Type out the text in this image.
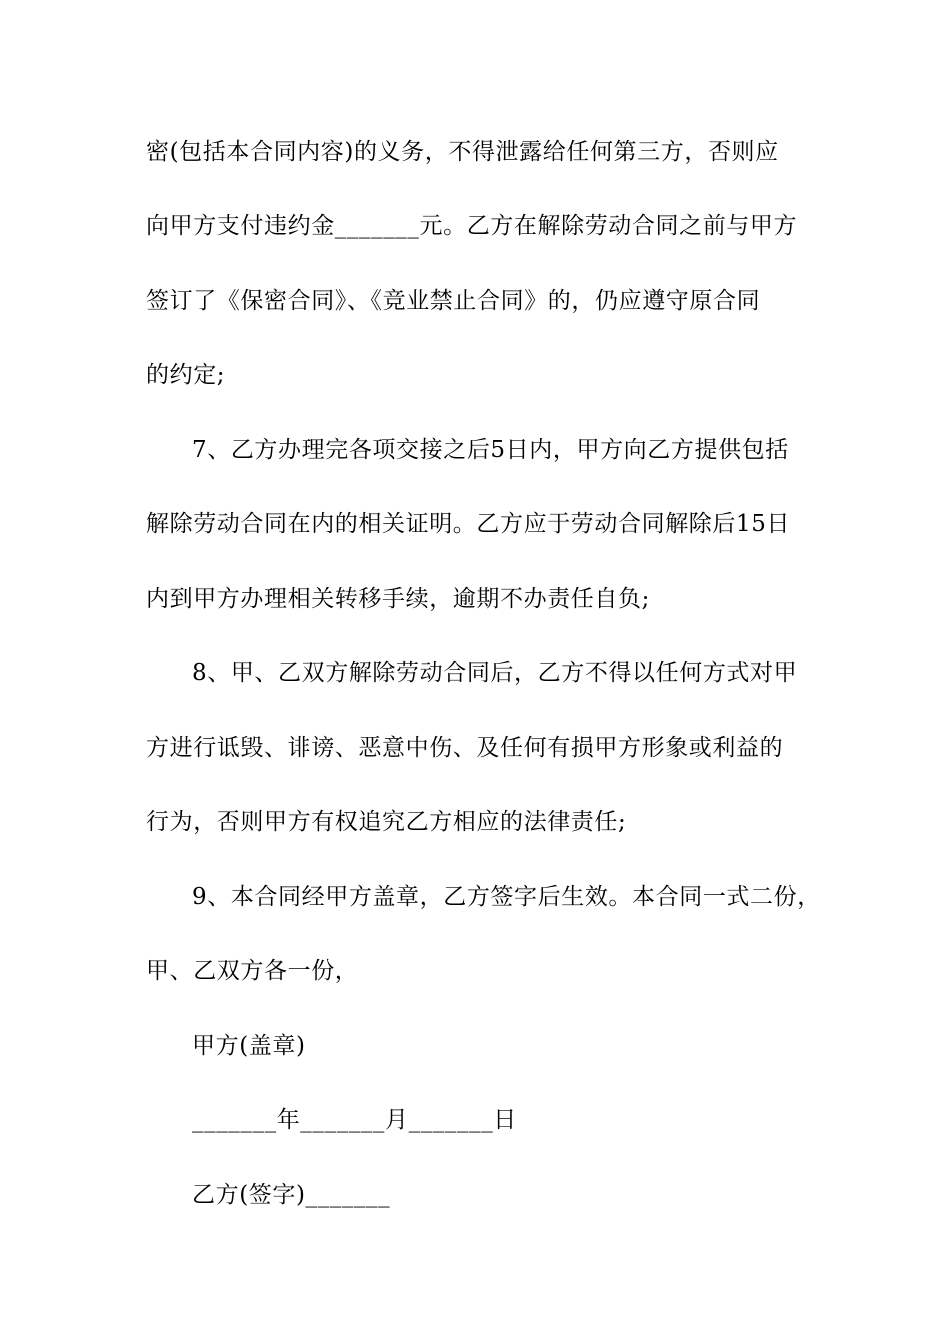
密(包括本合同内容)的义务，不得泄露给任何第三方，否则应
向甲方支付违约金_______元。乙方在解除劳动合同之前与甲方
签订了《保密合同》、《竞业禁止合同》的，仍应遵守原合同
的约定;
7、乙方办理完各项交接之后5日内，甲方向乙方提供包括
解除劳动合同在内的相关证明。乙方应于劳动合同解除后15日
内到甲方办理相关转移手续，逾期不办责任自负;
8、甲、乙双方解除劳动合同后，乙方不得以任何方式对甲
方进行诋毁、诽谤、恶意中伤、及任何有损甲方形象或利益的
行为，否则甲方有权追究乙方相应的法律责任;
9、本合同经甲方盖章，乙方签字后生效。本合同一式二份，
甲、乙双方各一份，
甲方(盖章)
_______年_______月_______日
乙方(签字)_______
